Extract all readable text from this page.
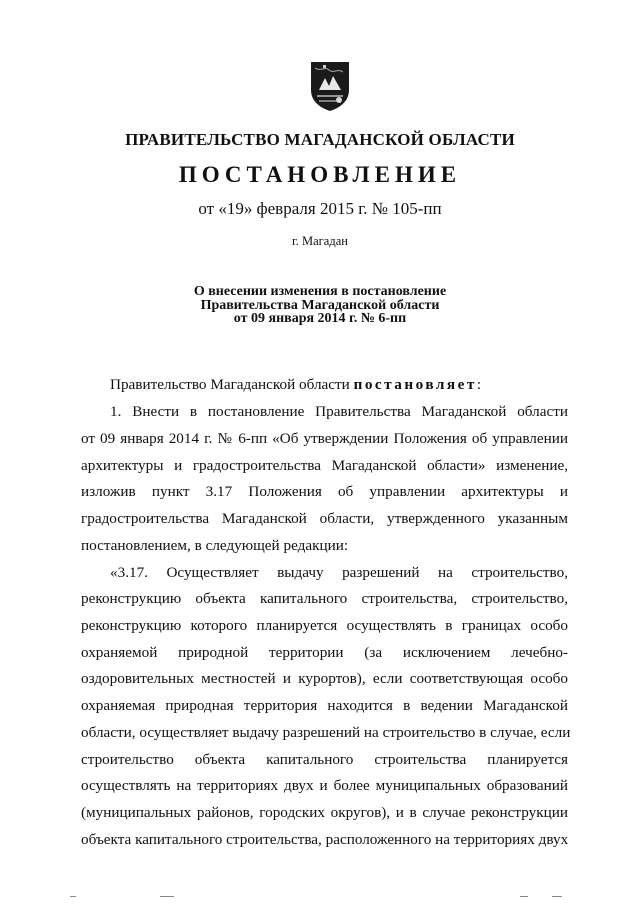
ПРАВИТЕЛЬСТВО МАГАДАНСКОЙ ОБЛАСТИ
ПОСТАНОВЛЕНИЕ
от «19» февраля 2015 г. № 105-пп
г. Магадан
О внесении изменения в постановление
Правительства Магаданской области
от 09 января 2014 г. № 6-пп
Правительство Магаданской области постановляет:
1. Внести в постановление Правительства Магаданской области
от 09 января 2014 г. № 6-пп «Об утверждении Положения об управлении
архитектуры и градостроительства Магаданской области» изменение,
изложив пункт 3.17 Положения об управлении архитектуры и
градостроительства Магаданской области, утвержденного указанным
постановлением, в следующей редакции:
«3.17. Осуществляет выдачу разрешений на строительство,
реконструкцию объекта капитального строительства, строительство,
реконструкцию которого планируется осуществлять в границах особо
охраняемой природной территории (за исключением лечебно-
оздоровительных местностей и курортов), если соответствующая особо
охраняемая природная территория находится в ведении Магаданской
области, осуществляет выдачу разрешений на строительство в случае, если
строительство объекта капитального строительства планируется
осуществлять на территориях двух и более муниципальных образований
(муниципальных районов, городских округов), и в случае реконструкции
объекта капитального строительства, расположенного на территориях двух
